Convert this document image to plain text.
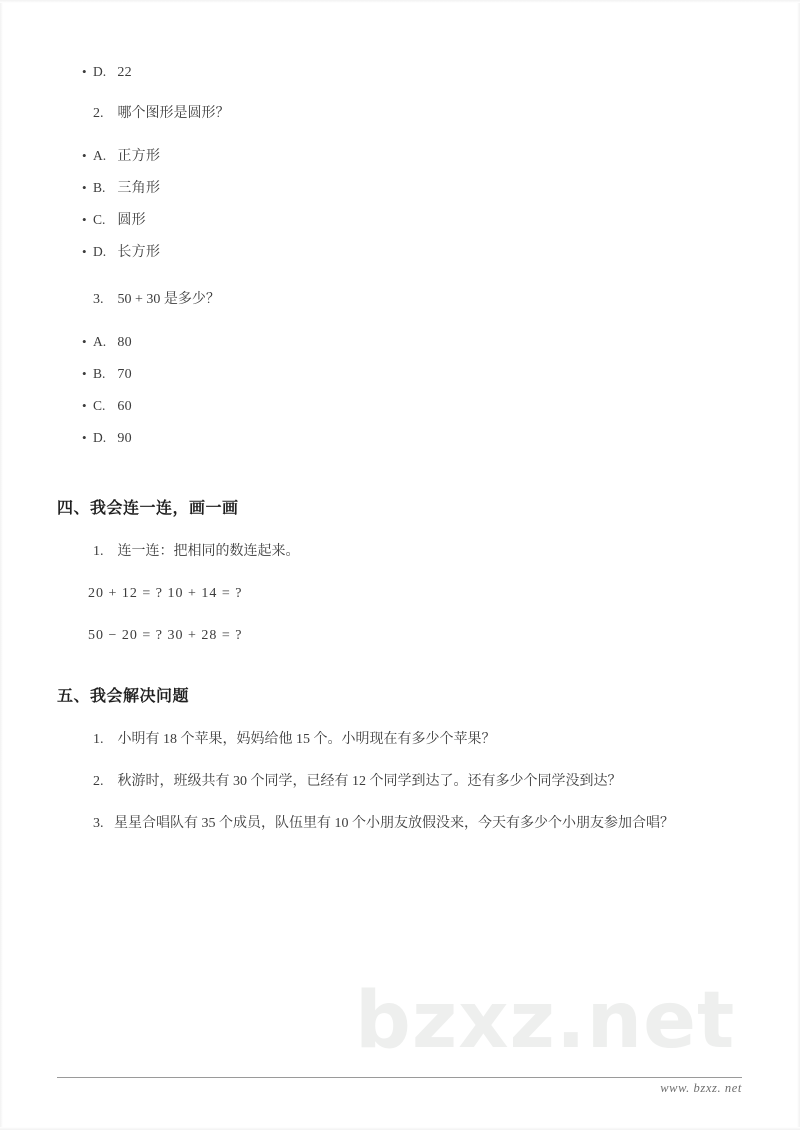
bzxz.net
• D. 22
2. 哪个图形是圆形？
• A. 正方形
• B. 三角形
• C. 圆形
• D. 长方形
3. 50 + 30 是多少？
• A. 80
• B. 70
• C. 60
• D. 90
四、我会连一连，画一画
1. 连一连：把相同的数连起来。
20 + 12 = ? 10 + 14 = ?
50 − 20 = ? 30 + 28 = ?
五、我会解决问题
1. 小明有 18 个苹果，妈妈给他 15 个。小明现在有多少个苹果？
2. 秋游时，班级共有 30 个同学，已经有 12 个同学到达了。还有多少个同学没到达？
3. 星星合唱队有 35 个成员，队伍里有 10 个小朋友放假没来，今天有多少个小朋友参加合唱？
www. bzxz. net
